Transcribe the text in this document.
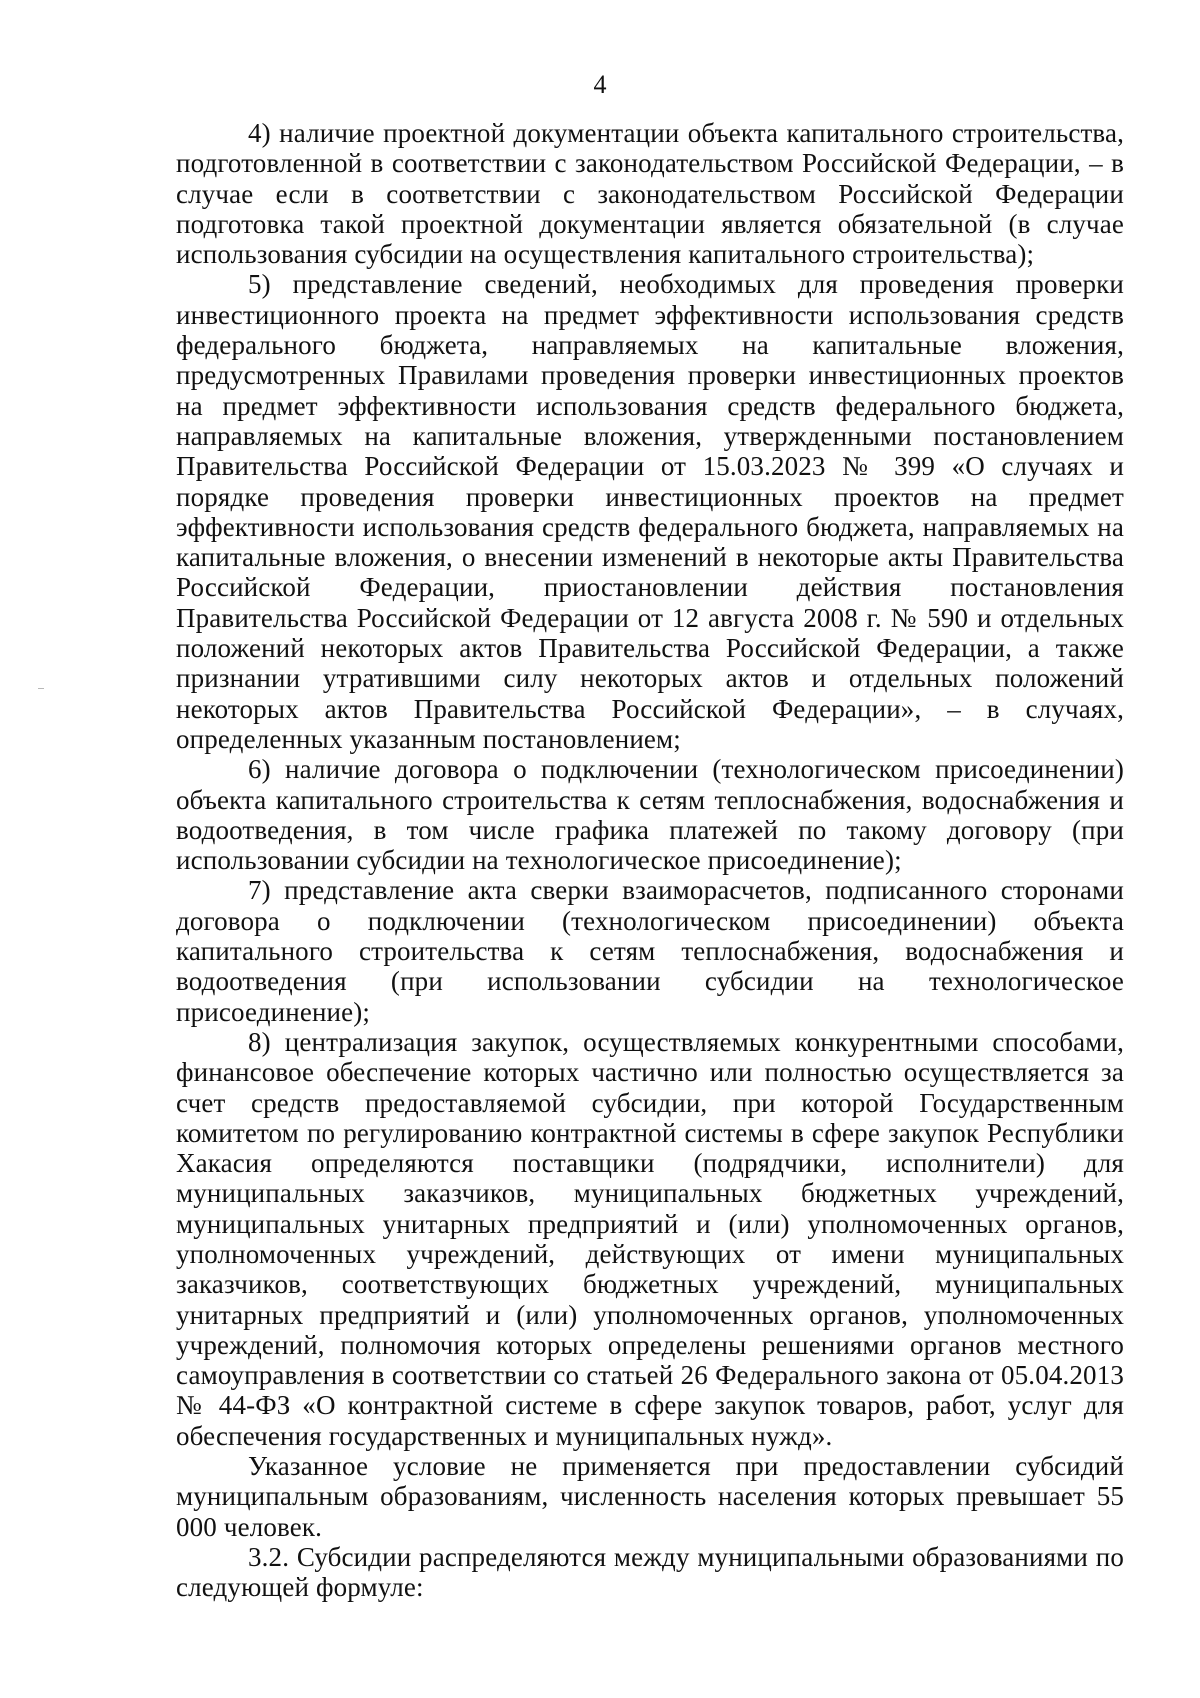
4

4) наличие проектной документации объекта капитального строительства, подготовленной в соответствии с законодательством Российской Федерации, – в случае если в соответствии с законодательством Российской Федерации подготовка такой проектной документации является обязательной (в случае использования субсидии на осуществления капитального строительства);

5) представление сведений, необходимых для проведения проверки инвестиционного проекта на предмет эффективности использования средств федерального бюджета, направляемых на капитальные вложения, предусмотренных Правилами проведения проверки инвестиционных проектов на предмет эффективности использования средств федерального бюджета, направляемых на капитальные вложения, утвержденными постановлением Правительства Российской Федерации от 15.03.2023 № 399 «О случаях и порядке проведения проверки инвестиционных проектов на предмет эффективности использования средств федерального бюджета, направляемых на капитальные вложения, о внесении изменений в некоторые акты Правительства Российской Федерации, приостановлении действия постановления Правительства Российской Федерации от 12 августа 2008 г. № 590 и отдельных положений некоторых актов Правительства Российской Федерации, а также признании утратившими силу некоторых актов и отдельных положений некоторых актов Правительства Российской Федерации», – в случаях, определенных указанным постановлением;

6) наличие договора о подключении (технологическом присоединении) объекта капитального строительства к сетям теплоснабжения, водоснабжения и водоотведения, в том числе графика платежей по такому договору (при использовании субсидии на технологическое присоединение);

7) представление акта сверки взаиморасчетов, подписанного сторонами договора о подключении (технологическом присоединении) объекта капитального строительства к сетям теплоснабжения, водоснабжения и водоотведения (при использовании субсидии на технологическое присоединение);

8) централизация закупок, осуществляемых конкурентными способами, финансовое обеспечение которых частично или полностью осуществляется за счет средств предоставляемой субсидии, при которой Государственным комитетом по регулированию контрактной системы в сфере закупок Республики Хакасия определяются поставщики (подрядчики, исполнители) для муниципальных заказчиков, муниципальных бюджетных учреждений, муниципальных унитарных предприятий и (или) уполномоченных органов, уполномоченных учреждений, действующих от имени муниципальных заказчиков, соответствующих бюджетных учреждений, муниципальных унитарных предприятий и (или) уполномоченных органов, уполномоченных учреждений, полномочия которых определены решениями органов местного самоуправления в соответствии со статьей 26 Федерального закона от 05.04.2013 № 44-ФЗ «О контрактной системе в сфере закупок товаров, работ, услуг для обеспечения государственных и муниципальных нужд».

Указанное условие не применяется при предоставлении субсидий муниципальным образованиям, численность населения которых превышает 55 000 человек.

3.2. Субсидии распределяются между муниципальными образованиями по следующей формуле:
